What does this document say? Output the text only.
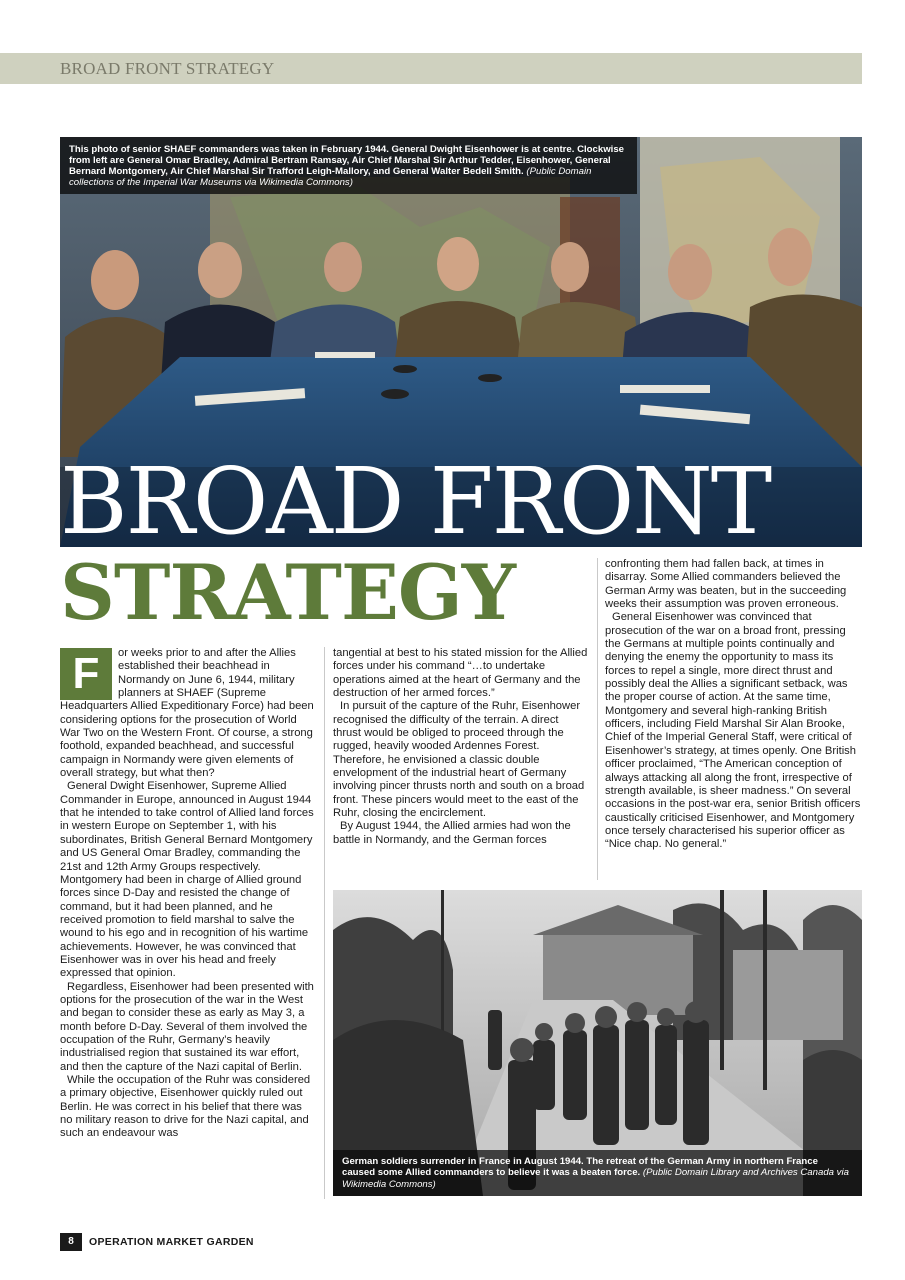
BROAD FRONT STRATEGY
This photo of senior SHAEF commanders was taken in February 1944. General Dwight Eisenhower is at centre. Clockwise from left are General Omar Bradley, Admiral Bertram Ramsay, Air Chief Marshal Sir Arthur Tedder, Eisenhower, General Bernard Montgomery, Air Chief Marshal Sir Trafford Leigh-Mallory, and General Walter Bedell Smith. (Public Domain collections of the Imperial War Museums via Wikimedia Commons)
BROAD FRONT
STRATEGY
F	or weeks prior to and after the Allies established their beachhead in Normandy on June 6, 1944, military planners at SHAEF (Supreme Headquarters Allied Expeditionary Force) had been considering options for the prosecution of World War Two on the Western Front. Of course, a strong foothold, expanded beachhead, and successful campaign in Normandy were given elements of overall strategy, but what then?

General Dwight Eisenhower, Supreme Allied Commander in Europe, announced in August 1944 that he intended to take control of Allied land forces in western Europe on September 1, with his subordinates, British General Bernard Montgomery and US General Omar Bradley, commanding the 21st and 12th Army Groups respectively. Montgomery had been in charge of Allied ground forces since D-Day and resisted the change of command, but it had been planned, and he received promotion to field marshal to salve the wound to his ego and in recognition of his wartime achievements. However, he was convinced that Eisenhower was in over his head and freely expressed that opinion.

Regardless, Eisenhower had been presented with options for the prosecution of the war in the West and began to consider these as early as May 3, a month before D-Day. Several of them involved the occupation of the Ruhr, Germany’s heavily industrialised region that sustained its war effort, and then the capture of the Nazi capital of Berlin.

While the occupation of the Ruhr was considered a primary objective, Eisenhower quickly ruled out Berlin. He was correct in his belief that there was no military reason to drive for the Nazi capital, and such an endeavour was

tangential at best to his stated mission for the Allied forces under his command “…to undertake operations aimed at the heart of Germany and the destruction of her armed forces.”

In pursuit of the capture of the Ruhr, Eisenhower recognised the difficulty of the terrain. A direct thrust would be obliged to proceed through the rugged, heavily wooded Ardennes Forest. Therefore, he envisioned a classic double envelopment of the industrial heart of Germany involving pincer thrusts north and south on a broad front. These pincers would meet to the east of the Ruhr, closing the encirclement.

By August 1944, the Allied armies had won the battle in Normandy, and the German forces

confronting them had fallen back, at times in disarray. Some Allied commanders believed the German Army was beaten, but in the succeeding weeks their assumption was proven erroneous.

General Eisenhower was convinced that prosecution of the war on a broad front, pressing the Germans at multiple points continually and denying the enemy the opportunity to mass its forces to repel a single, more direct thrust and possibly deal the Allies a significant setback, was the proper course of action. At the same time, Montgomery and several high-ranking British officers, including Field Marshal Sir Alan Brooke, Chief of the Imperial General Staff, were critical of Eisenhower’s strategy, at times openly. One British officer proclaimed, “The American conception of always attacking all along the front, irrespective of strength available, is sheer madness.” On several occasions in the post-war era, senior British officers caustically criticised Eisenhower, and Montgomery once tersely characterised his superior officer as “Nice chap. No general.”

German soldiers surrender in France in August 1944. The retreat of the German Army in northern France caused some Allied commanders to believe it was a beaten force. (Public Domain Library and Archives Canada via Wikimedia Commons)
8	OPERATION MARKET GARDEN
